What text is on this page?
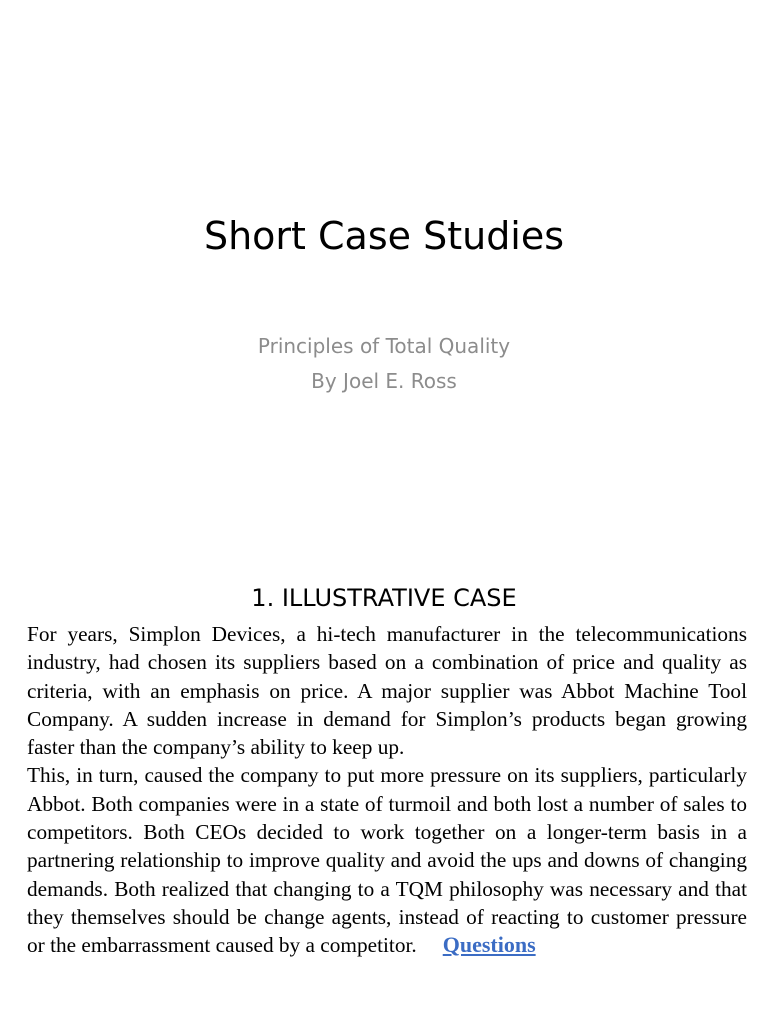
Short Case Studies
Principles of Total Quality
By Joel E. Ross
1. ILLUSTRATIVE CASE

For years, Simplon Devices, a hi-tech manufacturer in the telecommunications industry, had chosen its suppliers based on a combination of price and quality as criteria, with an emphasis on price. A major supplier was Abbot Machine Tool Company. A sudden increase in demand for Simplon’s products began growing faster than the company’s ability to keep up.

This, in turn, caused the company to put more pressure on its suppliers, particularly Abbot. Both companies were in a state of turmoil and both lost a number of sales to competitors. Both CEOs decided to work together on a longer-term basis in a partnering relationship to improve quality and avoid the ups and downs of changing demands. Both realized that changing to a TQM philosophy was necessary and that they themselves should be change agents, instead of reacting to customer pressure or the embarrassment caused by a competitor. Questions
